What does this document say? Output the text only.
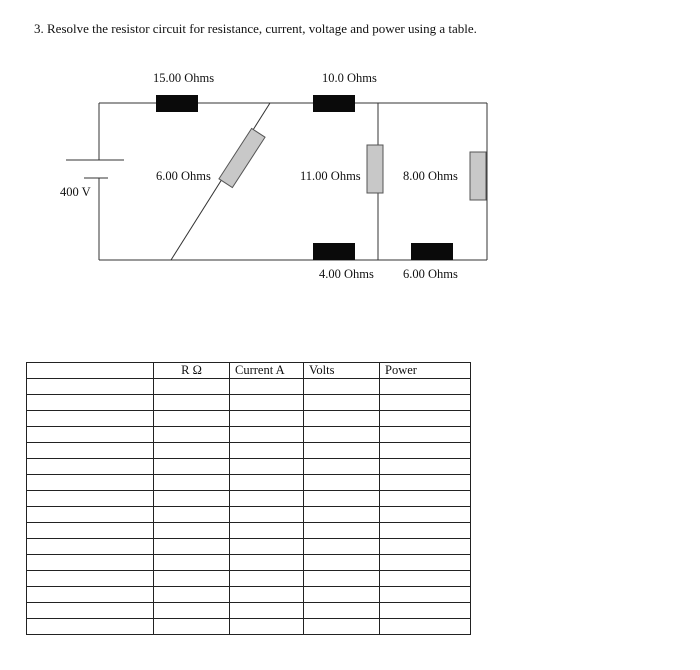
3. Resolve the resistor circuit for resistance, current, voltage and power using a table.
15.00 Ohms	10.0 Ohms
6.00 Ohms	11.00 Ohms	8.00 Ohms
400 V
4.00 Ohms 6.00 Ohms
	R Ω	Current A	Volts	Power
